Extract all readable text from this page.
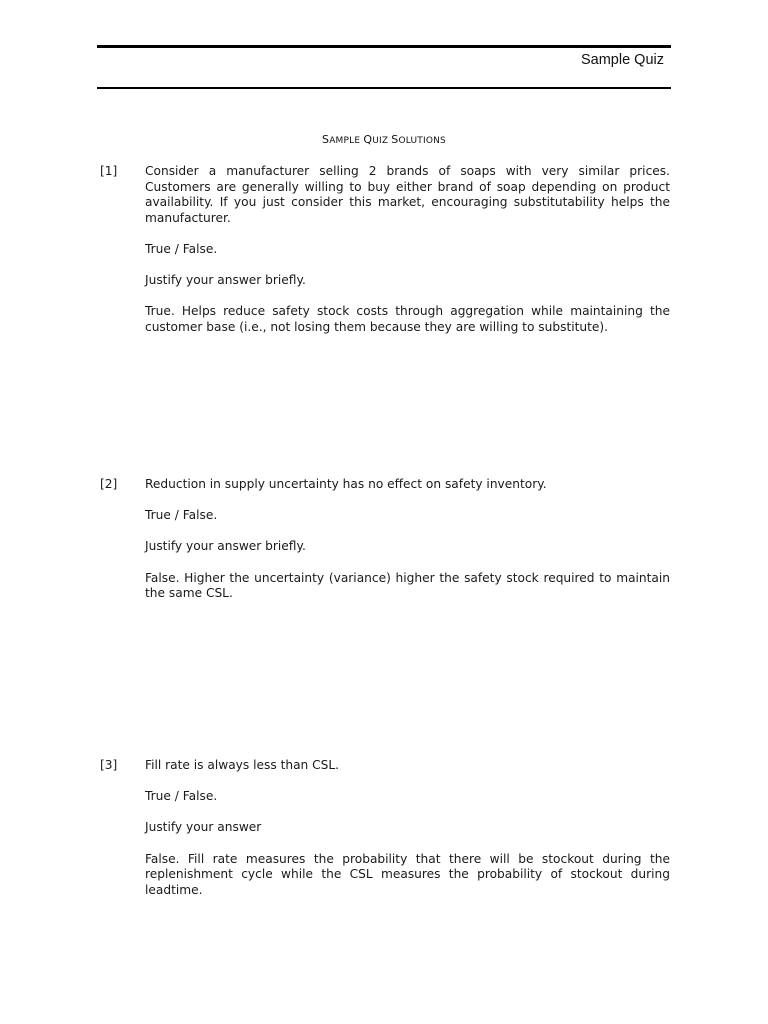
Sample Quiz
SAMPLE QUIZ SOLUTIONS
[1] Consider a manufacturer selling 2 brands of soaps with very similar prices. Customers are generally willing to buy either brand of soap depending on product availability. If you just consider this market, encouraging substitutability helps the manufacturer.

True / False.

Justify your answer briefly.

True. Helps reduce safety stock costs through aggregation while maintaining the customer base (i.e., not losing them because they are willing to substitute).

[2] Reduction in supply uncertainty has no effect on safety inventory.

True / False.

Justify your answer briefly.

False. Higher the uncertainty (variance) higher the safety stock required to maintain the same CSL.

[3] Fill rate is always less than CSL.

True / False.

Justify your answer

False. Fill rate measures the probability that there will be stockout during the replenishment cycle while the CSL measures the probability of stockout during leadtime.
